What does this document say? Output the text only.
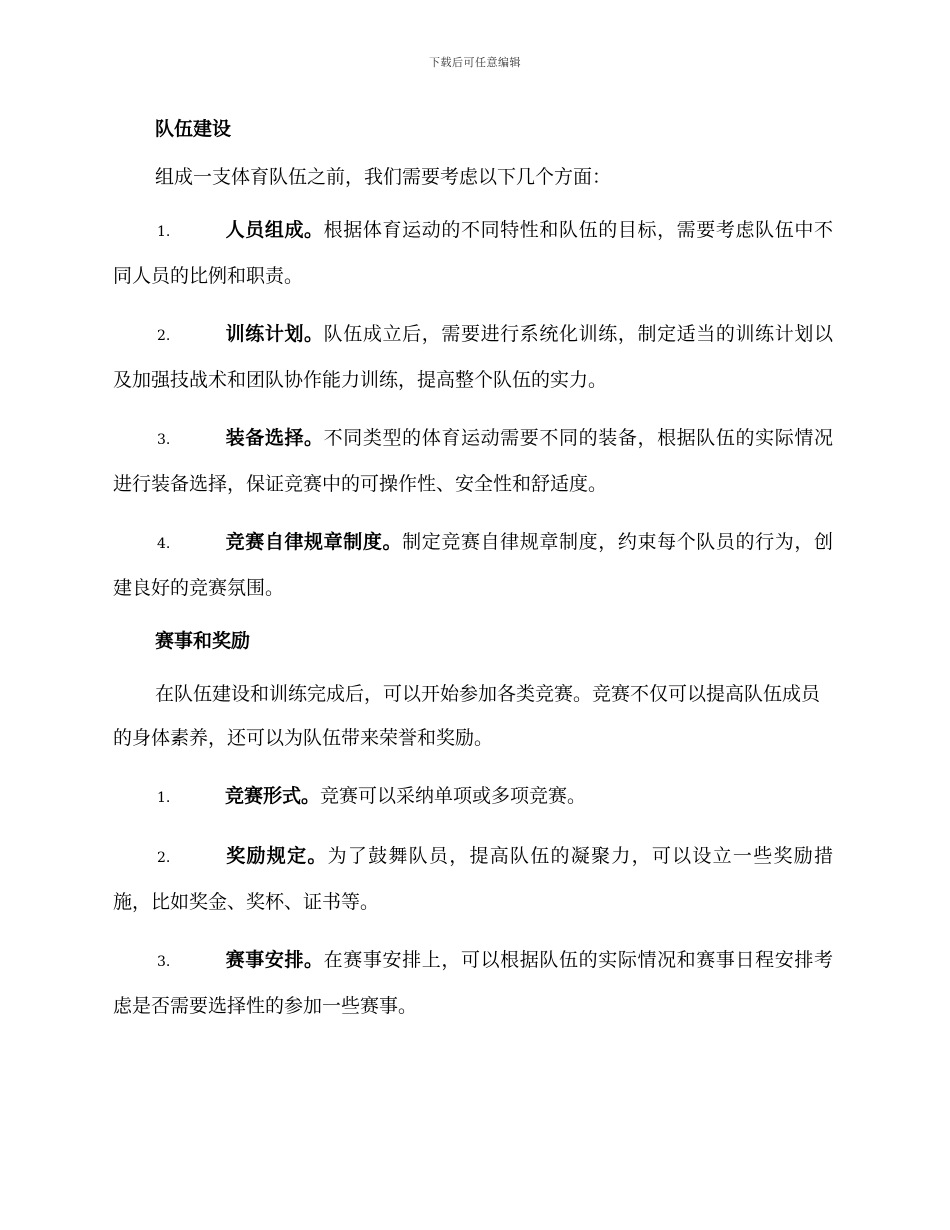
下载后可任意编辑
队伍建设
组成一支体育队伍之前，我们需要考虑以下几个方面：
1.	人员组成。根据体育运动的不同特性和队伍的目标，需要考虑队伍中不同人员的比例和职责。
2.	训练计划。队伍成立后，需要进行系统化训练，制定适当的训练计划以及加强技战术和团队协作能力训练，提高整个队伍的实力。
3.	装备选择。不同类型的体育运动需要不同的装备，根据队伍的实际情况进行装备选择，保证竞赛中的可操作性、安全性和舒适度。
4.	竞赛自律规章制度。制定竞赛自律规章制度，约束每个队员的行为，创建良好的竞赛氛围。
赛事和奖励
在队伍建设和训练完成后，可以开始参加各类竞赛。竞赛不仅可以提高队伍成员的身体素养，还可以为队伍带来荣誉和奖励。
1.	竞赛形式。竞赛可以采纳单项或多项竞赛。
2.	奖励规定。为了鼓舞队员，提高队伍的凝聚力，可以设立一些奖励措施，比如奖金、奖杯、证书等。
3.	赛事安排。在赛事安排上，可以根据队伍的实际情况和赛事日程安排考虑是否需要选择性的参加一些赛事。
